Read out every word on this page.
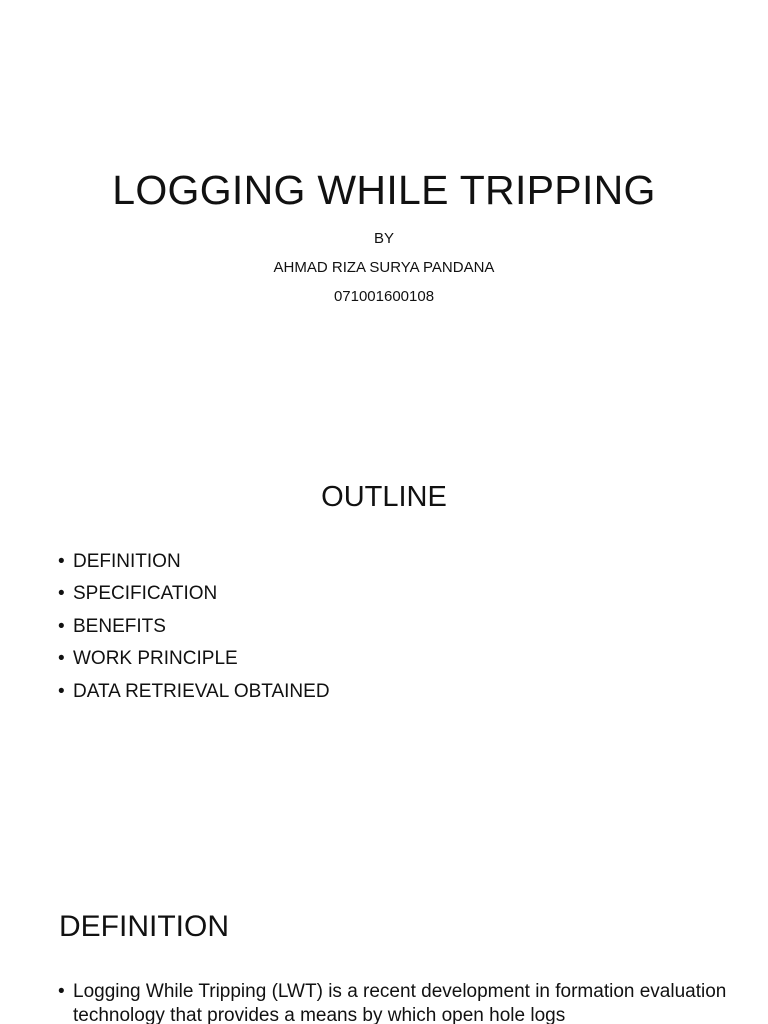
LOGGING WHILE TRIPPING
BY
AHMAD RIZA SURYA PANDANA
071001600108
OUTLINE
• DEFINITION
• SPECIFICATION
• BENEFITS
• WORK PRINCIPLE
• DATA RETRIEVAL OBTAINED
DEFINITION

• Logging While Tripping (LWT) is a recent development in formation evaluation technology that provides a means by which open hole logs
